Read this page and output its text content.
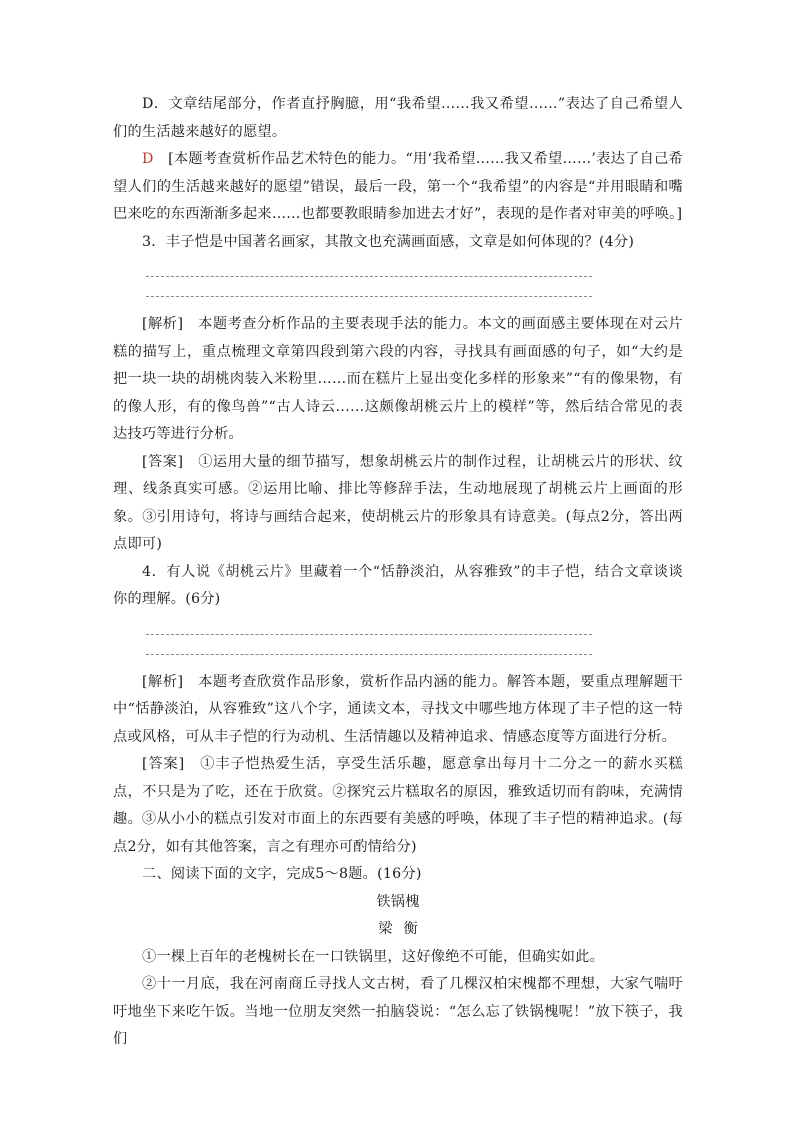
D．文章结尾部分，作者直抒胸臆，用“我希望……我又希望……”表达了自己希望人们的生活越来越好的愿望。

D　 [本题考查赏析作品艺术特色的能力。“用‘我希望……我又希望……’表达了自己希望人们的生活越来越好的愿望”错误，最后一段，第一个“我希望”的内容是“并用眼睛和嘴巴来吃的东西渐渐多起来……也都要教眼睛参加进去才好”，表现的是作者对审美的呼唤。]

3．丰子恺是中国著名画家，其散文也充满画面感，文章是如何体现的？(4分)

[解析]　本题考查分析作品的主要表现手法的能力。本文的画面感主要体现在对云片糕的描写上，重点梳理文章第四段到第六段的内容，寻找具有画面感的句子，如“大约是把一块一块的胡桃肉装入米粉里……而在糕片上显出变化多样的形象来”“有的像果物，有的像人形，有的像鸟兽”“古人诗云……这颇像胡桃云片上的模样”等，然后结合常见的表达技巧等进行分析。

[答案]　①运用大量的细节描写，想象胡桃云片的制作过程，让胡桃云片的形状、纹理、线条真实可感。②运用比喻、排比等修辞手法，生动地展现了胡桃云片上画面的形象。③引用诗句，将诗与画结合起来，使胡桃云片的形象具有诗意美。(每点2分，答出两点即可)

4．有人说《胡桃云片》里藏着一个“恬静淡泊，从容雅致”的丰子恺，结合文章谈谈你的理解。(6分)

[解析]　本题考查欣赏作品形象，赏析作品内涵的能力。解答本题，要重点理解题干中“恬静淡泊，从容雅致”这八个字，通读文本，寻找文中哪些地方体现了丰子恺的这一特点或风格，可从丰子恺的行为动机、生活情趣以及精神追求、情感态度等方面进行分析。

[答案]　①丰子恺热爱生活，享受生活乐趣，愿意拿出每月十二分之一的薪水买糕点，不只是为了吃，还在于欣赏。②探究云片糕取名的原因，雅致适切而有韵味，充满情趣。③从小小的糕点引发对市面上的东西要有美感的呼唤，体现了丰子恺的精神追求。(每点2分，如有其他答案，言之有理亦可酌情给分)

二、阅读下面的文字，完成5～8题。(16分)

铁锅槐

梁衡

①一棵上百年的老槐树长在一口铁锅里，这好像绝不可能，但确实如此。

②十一月底，我在河南商丘寻找人文古树，看了几棵汉柏宋槐都不理想，大家气喘吁吁地坐下来吃午饭。当地一位朋友突然一拍脑袋说：“怎么忘了铁锅槐呢！”放下筷子，我们
